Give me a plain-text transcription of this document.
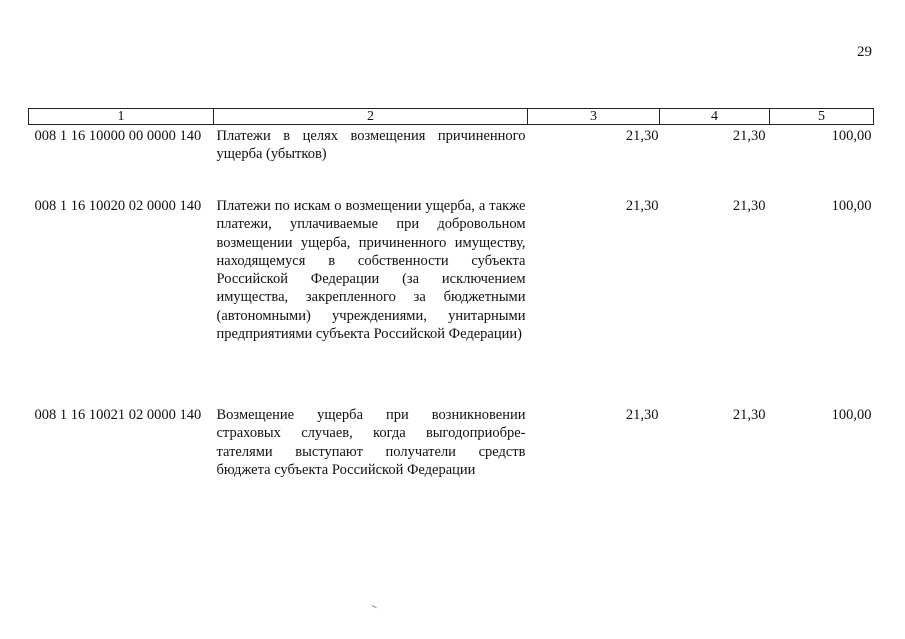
29
1	2	3	4	5
008 1 16 10000 00 0000 140	Платежи в целях возмещения причиненного ущерба (убытков)	21,30	21,30	100,00
008 1 16 10020 02 0000 140	Платежи по искам о возмещении ущерба, а также платежи, уплачиваемые при добровольном возмещении ущерба, причиненного имуществу, находящемуся в собственности субъекта Российской Федерации (за исключением имущества, закрепленного за бюджетными (автономными) учреждениями, унитарными предприятиями субъекта Российской Федерации)	21,30	21,30	100,00
008 1 16 10021 02 0000 140	Возмещение ущерба при возникновении страховых случаев, когда выгодоприобре-тателями выступают получатели средств бюджета субъекта Российской Федерации	21,30	21,30	100,00
